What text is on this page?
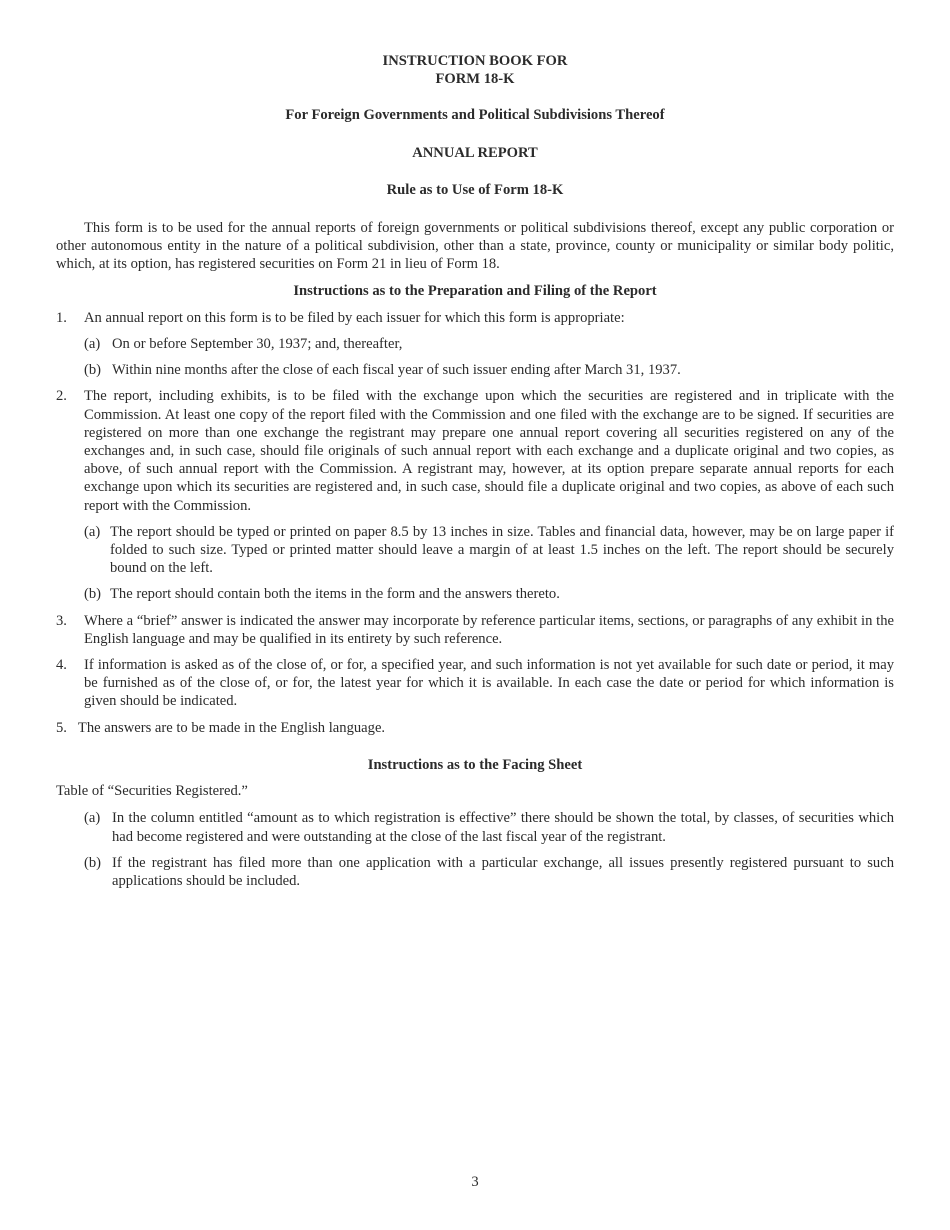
INSTRUCTION BOOK FOR
FORM 18-K
For Foreign Governments and Political Subdivisions Thereof
ANNUAL REPORT
Rule as to Use of Form 18-K

This form is to be used for the annual reports of foreign governments or political subdivisions thereof, except any public corporation or other autonomous entity in the nature of a political subdivision, other than a state, province, county or municipality or similar body politic, which, at its option, has registered securities on Form 21 in lieu of Form 18.

Instructions as to the Preparation and Filing of the Report
1. An annual report on this form is to be filed by each issuer for which this form is appropriate:
(a) On or before September 30, 1937; and, thereafter,
(b) Within nine months after the close of each fiscal year of such issuer ending after March 31, 1937.
2. The report, including exhibits, is to be filed with the exchange upon which the securities are registered and in triplicate with the Commission. At least one copy of the report filed with the Commission and one filed with the exchange are to be signed. If securities are registered on more than one exchange the registrant may prepare one annual report covering all securities registered on any of the exchanges and, in such case, should file originals of such annual report with each exchange and a duplicate original and two copies, as above, of such annual report with the Commission. A registrant may, however, at its option prepare separate annual reports for each exchange upon which its securities are registered and, in such case, should file a duplicate original and two copies, as above of each such report with the Commission.
(a) The report should be typed or printed on paper 8.5 by 13 inches in size. Tables and financial data, however, may be on large paper if folded to such size. Typed or printed matter should leave a margin of at least 1.5 inches on the left. The report should be securely bound on the left.
(b) The report should contain both the items in the form and the answers thereto.
3. Where a “brief” answer is indicated the answer may incorporate by reference particular items, sections, or paragraphs of any exhibit in the English language and may be qualified in its entirety by such reference.
4. If information is asked as of the close of, or for, a specified year, and such information is not yet available for such date or period, it may be furnished as of the close of, or for, the latest year for which it is available. In each case the date or period for which information is given should be indicated.
5. The answers are to be made in the English language.
Instructions as to the Facing Sheet
Table of “Securities Registered.”
(a) In the column entitled “amount as to which registration is effective” there should be shown the total, by classes, of securities which had become registered and were outstanding at the close of the last fiscal year of the registrant.
(b) If the registrant has filed more than one application with a particular exchange, all issues presently registered pursuant to such applications should be included.
3
